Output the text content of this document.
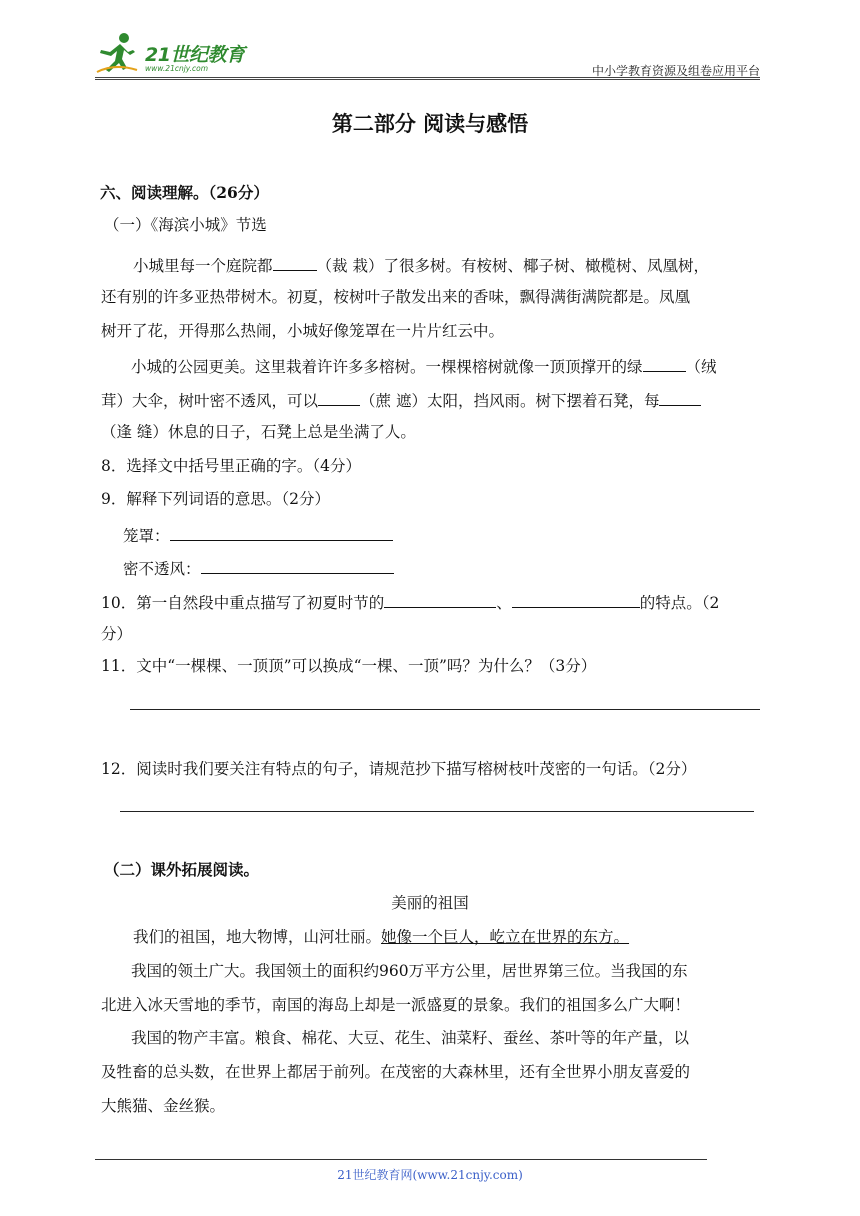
21世纪教育
www.21cnjy.com	中小学教育资源及组卷应用平台
第二部分 阅读与感悟
六、阅读理解。（26分）
（一）《海滨小城》节选
小城里每一个庭院都	（裁 栽）了很多树。有桉树、椰子树、橄榄树、凤凰树，
还有别的许多亚热带树木。初夏，桉树叶子散发出来的香味，飘得满街满院都是。凤凰
树开了花，开得那么热闹，小城好像笼罩在一片片红云中。
小城的公园更美。这里栽着许许多多榕树。一棵棵榕树就像一顶顶撑开的绿	（绒
茸）大伞，树叶密不透风，可以	（蔗 遮）太阳，挡风雨。树下摆着石凳，每
（逢 缝）休息的日子，石凳上总是坐满了人。
8．选择文中括号里正确的字。（4分）
9．解释下列词语的意思。（2分）
笼罩：
密不透风：
10．第一自然段中重点描写了初夏时节的	、	的特点。（2
分）
11．文中“一棵棵、一顶顶”可以换成“一棵、一顶”吗？为什么？（3分）
12．阅读时我们要关注有特点的句子，请规范抄下描写榕树枝叶茂密的一句话。（2分）
（二）课外拓展阅读。
美丽的祖国
我们的祖国，地大物博，山河壮丽。她像一个巨人，屹立在世界的东方。
我国的领土广大。我国领土的面积约960万平方公里，居世界第三位。当我国的东
北进入冰天雪地的季节，南国的海岛上却是一派盛夏的景象。我们的祖国多么广大啊！
我国的物产丰富。粮食、棉花、大豆、花生、油菜籽、蚕丝、茶叶等的年产量，以
及牲畜的总头数，在世界上都居于前列。在茂密的大森林里，还有全世界小朋友喜爱的
大熊猫、金丝猴。
21世纪教育网(www.21cnjy.com)
